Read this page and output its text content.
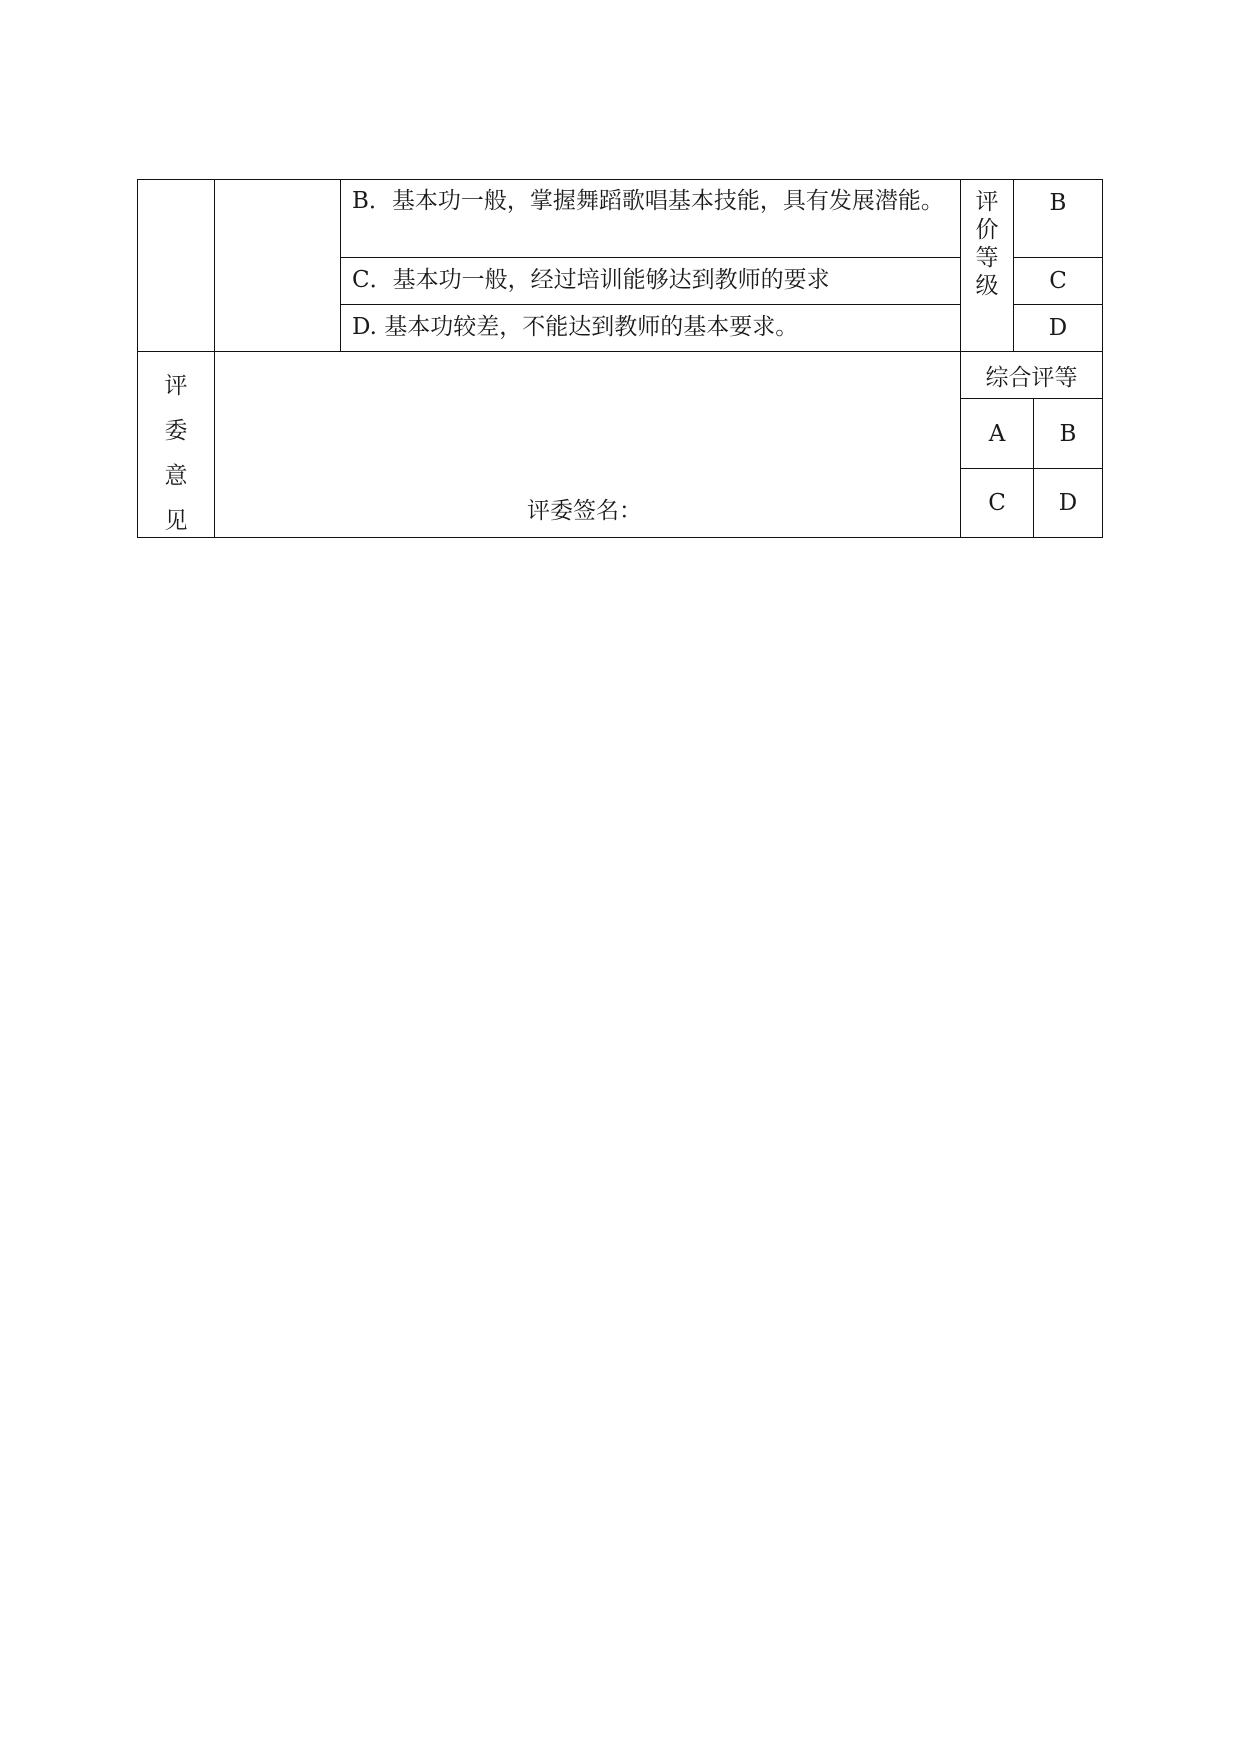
B．基本功一般，掌握舞蹈歌唱基本技能，具有发展潜能。
C．基本功一般，经过培训能够达到教师的要求
D. 基本功较差，不能达到教师的基本要求。
评
价
等
级
B
C
D
评
委
意
见	评委签名：
综合评等
A B
C D
